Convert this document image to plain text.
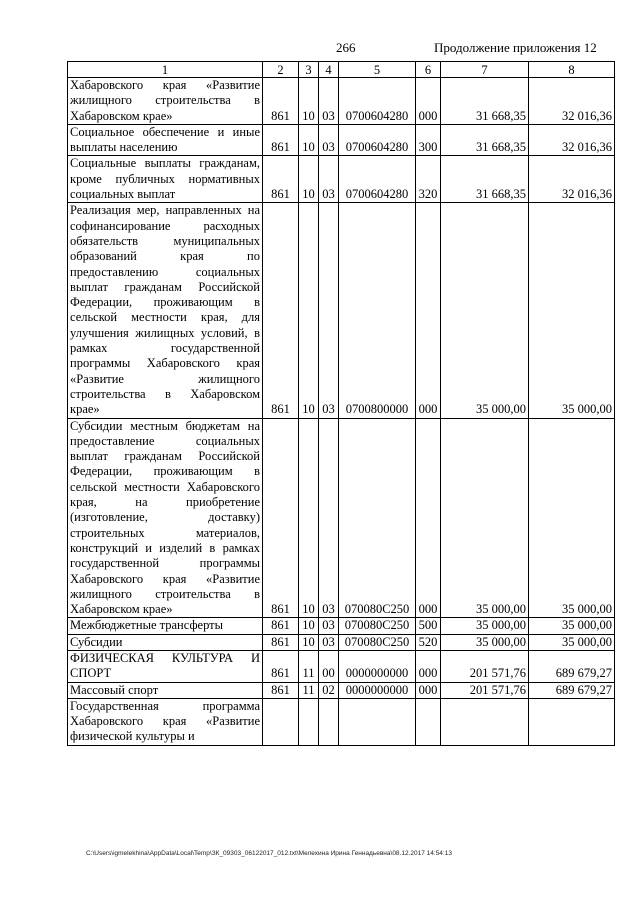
266	Продолжение приложения 12
1	2	3	4	5	6	7	8
Хабаровского края «Развитие жилищного строительства в Хабаровском крае»	861	10	03	0700604280	000	31 668,35	32 016,36
Социальное обеспечение и иные выплаты населению	861	10	03	0700604280	300	31 668,35	32 016,36
Социальные выплаты гражданам, кроме публичных нормативных социальных выплат	861	10	03	0700604280	320	31 668,35	32 016,36
Реализация мер, направленных на софинансирование расходных обязательств муниципальных образований края по предоставлению социальных выплат гражданам Российской Федерации, проживающим в сельской местности края, для улучшения жилищных условий, в рамках государственной программы Хабаровского края «Развитие жилищного строительства в Хабаровском крае»	861	10	03	0700800000	000	35 000,00	35 000,00
Субсидии местным бюджетам на предоставление социальных выплат гражданам Российской Федерации, проживающим в сельской местности Хабаровского края, на приобретение (изготовление, доставку) строительных материалов, конструкций и изделий в рамках государственной программы Хабаровского края «Развитие жилищного строительства в Хабаровском крае»	861	10	03	070080С250	000	35 000,00	35 000,00
Межбюджетные трансферты	861	10	03	070080С250	500	35 000,00	35 000,00
Субсидии	861	10	03	070080С250	520	35 000,00	35 000,00
ФИЗИЧЕСКАЯ КУЛЬТУРА И СПОРТ	861	11	00	0000000000	000	201 571,76	689 679,27
Массовый спорт	861	11	02	0000000000	000	201 571,76	689 679,27
Государственная программа Хабаровского края «Развитие физической культуры и							
C:\Users\igmelekhina\AppData\Local\Temp\ЗК_09303_06122017_012.txt\Мелехина Ирина Геннадьевна\08.12.2017 14:54:13
